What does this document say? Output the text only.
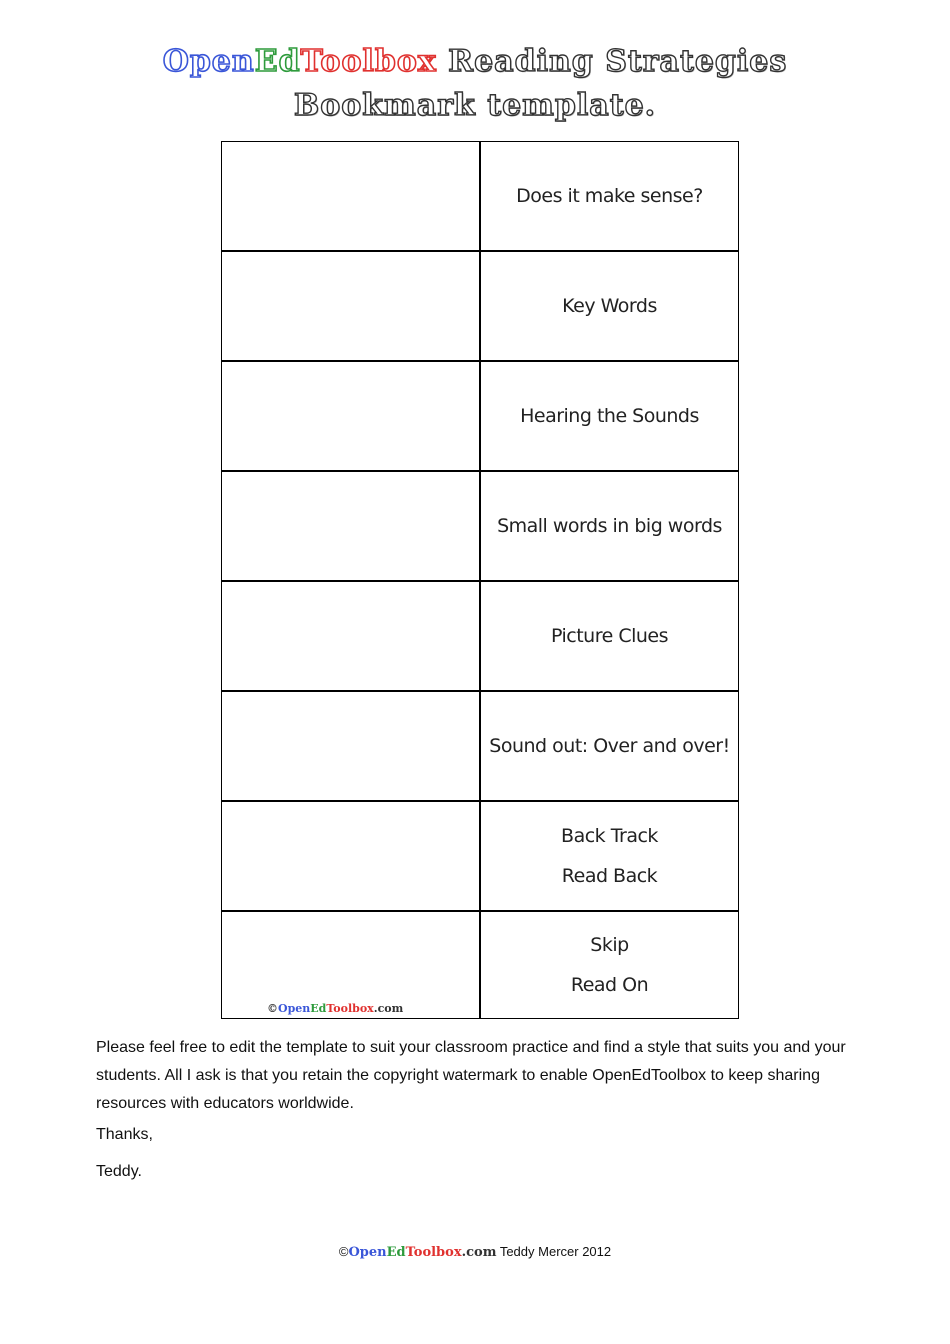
OpenEdToolbox Reading Strategies
Bookmark template.
Does it make sense?
Key Words
Hearing the Sounds
Small words in big words
Picture Clues
Sound out: Over and over!
Back Track
Read Back
©OpenEdToolbox.com
Skip
Read On

Please feel free to edit the template to suit your classroom practice and find a style that suits you and your students. All I ask is that you retain the copyright watermark to enable OpenEdToolbox to keep sharing resources with educators worldwide.

Thanks,

Teddy.

©OpenEdToolbox.com Teddy Mercer 2012
